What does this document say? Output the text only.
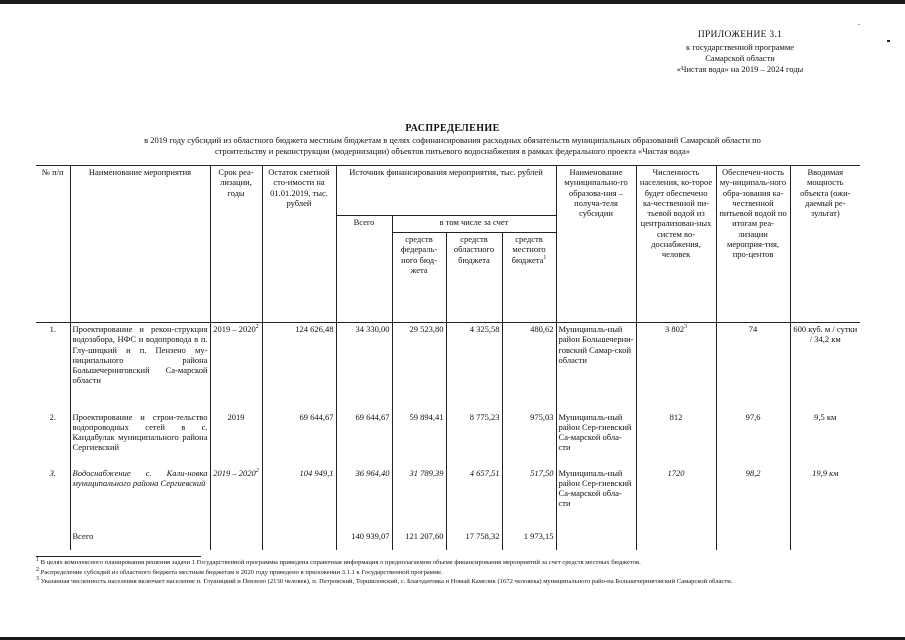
.
ПРИЛОЖЕНИЕ 3.1
к государственной программе
Самарской области
«Чистая вода» на 2019 – 2024 годы
РАСПРЕДЕЛЕНИЕ
в 2019 году субсидий из областного бюджета местным бюджетам в целях софинансирования расходных обязательств муниципальных образований Самарской области по
строительству и реконструкции (модернизации) объектов питьевого водоснабжения в рамках федерального проекта «Чистая вода»
№ п/п	Наименование мероприятия	Срок реа-лизации, годы	Остаток сметной сто-имости на 01.01.2019, тыс. рублей	Источник финансирования мероприятия, тыс. рублей				Наименование муниципально-го образова-ния – получа-теля субсидии	Численность населения, ко-торое будет обеспечено ка-чественной пи-тьевой водой из централизован-ных систем во-доснабжения, человек	Обеспечен-ность му-ниципаль-ного обра-зования ка-чественной питьевой водой по итогам реа-лизации мероприя-тия, про-центов	Вводимая мощность объекта (ожи-даемый ре-зультат)
				Всего	в том числе за счет						
					средств федераль-ного бюд-жета	средств областного бюджета	средств местного бюджета$^1$
1.	Проектирование и рекон-струкция водозабора, НФС и водопровода в п. Глу-шицкий и п. Пензено му-ниципального района Большечерниговский Са-марской области	2019 – 2020$^2$	124 626,48	34 330,00	29 523,80	4 325,58	480,62	Муниципаль-ный район Большечерни-говский Самар-ской области	3 $802^3$	74	600 куб. м / сутки / 34,2 км
2.	Проектирование и строи-тельство водопроводных сетей в с. Кандабулак муниципального района Сергиевский	2019	69 644,67	69 644,67	59 894,41	8 775,23	975,03	Муниципаль-ный район Сер-гиевский Са-марской обла-сти	812	97,6	9,5 км
3.	Водоснабжение с. Кали-новка муниципального района Сергиевский	2019 – 2020$^2$	104 949,1	36 964,40	31 789,39	4 657,51	517,50	Муниципаль-ный район Сер-гиевский Са-марской обла-сти	1720	98,2	19,9 км
	Всего			140 939,07	121 207,60	17 758,32	1 973,15				
$^1$ В целях комплексного планирования решения задачи 1 Государственной программы приведена справочная информация о предполагаемом объеме финансирования мероприятий за счет средств местных бюджетов.
$^2$ Распределение субсидий из областного бюджета местным бюджетам в 2020 году приведено в приложении 3.1.1 к Государственной программе.
$^3$ Указанная численность населения включает население п. Глушицкий и Пензено (2130 человек), п. Петровский, Торшиловский, с. Благодатовка и Новый Камелик (1672 человека) муниципального райо-на Большечерниговский Самарской области.
